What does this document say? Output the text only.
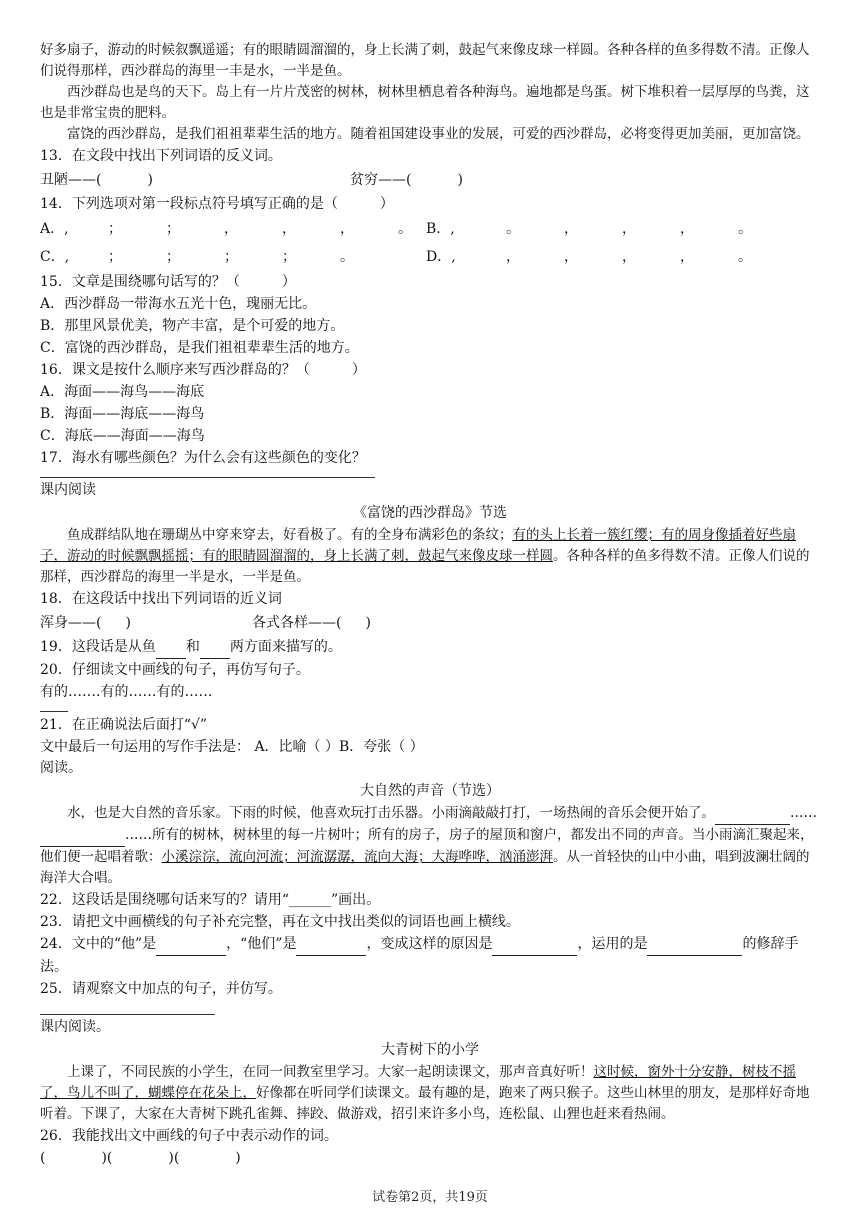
好多扇子，游动的时候叙飘遥遥；有的眼睛圆溜溜的，身上长满了刺，鼓起气来像皮球一样圆。各种各样的鱼多得数不清。正像人们说得那样，西沙群岛的海里一丰是水，一半是鱼。

西沙群岛也是鸟的天下。岛上有一片片茂密的树林，树林里栖息着各种海鸟。遍地都是鸟蛋。树下堆积着一层厚厚的鸟粪，这也是非常宝贵的肥料。

富饶的西沙群岛，是我们祖祖辈辈生活的地方。随着祖国建设事业的发展，可爱的西沙群岛，必将变得更加美丽，更加富饶。

13．在文段中找出下列词语的反义词。

丑陋——(	)	贫穷——(	)

14．下列选项对第一段标点符号填写正确的是（　　　）

A．,	；	；	，	，	，	。	B．,	。	，	，	，	。
C．,	；	；	；	；	。	D．,	，	，	，	，	。

15．文章是围绕哪句话写的？（　　　）

A．西沙群岛一带海水五光十色，瑰丽无比。

B．那里风景优美，物产丰富，是个可爱的地方。

C．富饶的西沙群岛，是我们祖祖辈辈生活的地方。

16．课文是按什么顺序来写西沙群岛的？（　　　）

A．海面——海鸟——海底

B．海面——海底——海鸟

C．海底——海面——海鸟

17．海水有哪些颜色？为什么会有这些颜色的变化？

课内阅读

《富饶的西沙群岛》节选

鱼成群结队地在珊瑚丛中穿来穿去，好看极了。有的全身布满彩色的条纹；有的头上长着一簇红缨；有的周身像插着好些扇子，游动的时候飘飘摇摇；有的眼睛圆溜溜的，身上长满了刺，鼓起气来像皮球一样圆。各种各样的鱼多得数不清。正像人们说的那样，西沙群岛的海里一半是水，一半是鱼。

18．在这段话中找出下列词语的近义词

浑身——( )	各式各样——( )

19．这段话是从鱼 和 两方面来描写的。

20．仔细读文中画线的句子，再仿写句子。

有的…….有的……有的……

21．在正确说法后面打“√”

文中最后一句运用的写作手法是： A．比喻（ ）B．夸张（ ）

阅读。

大自然的声音（节选）

水，也是大自然的音乐家。下雨的时候，他喜欢玩打击乐器。小雨滴敲敲打打，一场热闹的音乐会便开始了。	…… ……所有的树林，树林里的每一片树叶；所有的房子，房子的屋顶和窗户，都发出不同的声音。当小雨滴汇聚起来，他们便一起唱着歌：小溪淙淙，流向河流；河流潺潺，流向大海；大海哗哗，汹涌澎湃。从一首轻快的山中小曲，唱到波澜壮阔的海洋大合唱。

22．这段话是围绕哪句话来写的？请用“______”画出。

23．请把文中画横线的句子补充完整，再在文中找出类似的词语也画上横线。

24．文中的“他”是	，“他们”是	，变成这样的原因是	，运用的是	的修辞手法。

25．请观察文中加点的句子，并仿写。

课内阅读。

大青树下的小学

上课了，不同民族的小学生，在同一间教室里学习。大家一起朗读课文，那声音真好听！这时候，窗外十分安静，树枝不摇了，鸟儿不叫了，蝴蝶停在花朵上，好像都在听同学们读课文。最有趣的是，跑来了两只猴子。这些山林里的朋友，是那样好奇地听着。下课了，大家在大青树下跳孔雀舞、摔跤、做游戏，招引来许多小鸟，连松鼠、山狸也赶来看热闹。

26．我能找出文中画线的句子中表示动作的词。

(　　　　)(　　　　)(　　　　)

试卷第2页，共19页
